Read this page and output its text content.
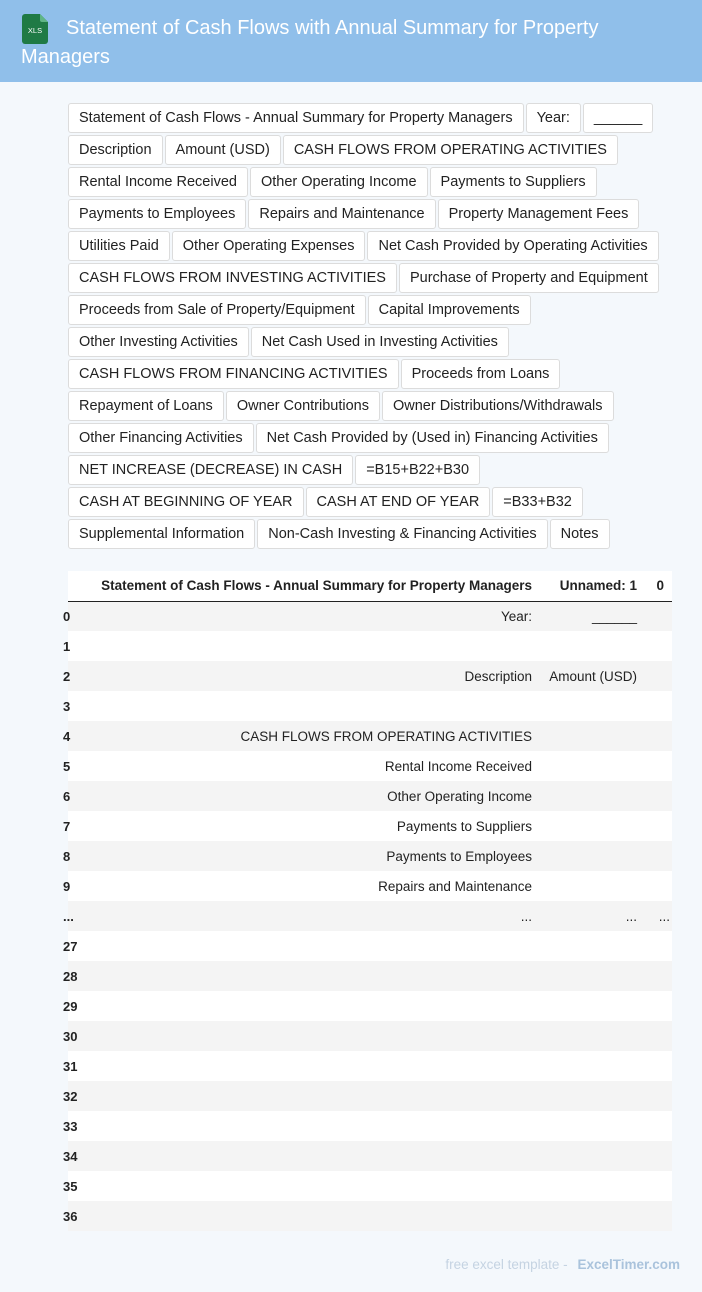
XLS	Statement of Cash Flows with Annual Summary for Property Managers
Statement of Cash Flows - Annual Summary for Property Managers	Year:	______
Description	Amount (USD)	CASH FLOWS FROM OPERATING ACTIVITIES
Rental Income Received	Other Operating Income	Payments to Suppliers
Payments to Employees	Repairs and Maintenance	Property Management Fees
Utilities Paid	Other Operating Expenses	Net Cash Provided by Operating Activities
CASH FLOWS FROM INVESTING ACTIVITIES	Purchase of Property and Equipment
Proceeds from Sale of Property/Equipment	Capital Improvements
Other Investing Activities	Net Cash Used in Investing Activities
CASH FLOWS FROM FINANCING ACTIVITIES	Proceeds from Loans
Repayment of Loans	Owner Contributions	Owner Distributions/Withdrawals
Other Financing Activities	Net Cash Provided by (Used in) Financing Activities
NET INCREASE (DECREASE) IN CASH	=B15+B22+B30
CASH AT BEGINNING OF YEAR	CASH AT END OF YEAR	=B33+B32
Supplemental Information	Non-Cash Investing & Financing Activities	Notes
	Statement of Cash Flows - Annual Summary for Property Managers	Unnamed: 1	0
0	Year:	______	
1			
2	Description	Amount (USD)	
3			
4	CASH FLOWS FROM OPERATING ACTIVITIES		
5	Rental Income Received		
6	Other Operating Income		
7	Payments to Suppliers		
8	Payments to Employees		
9	Repairs and Maintenance		
...	...	...	...
27			
28			
29			
30			
31			
32			
33			
34			
35			
36			
free excel template - ExcelTimer.com
